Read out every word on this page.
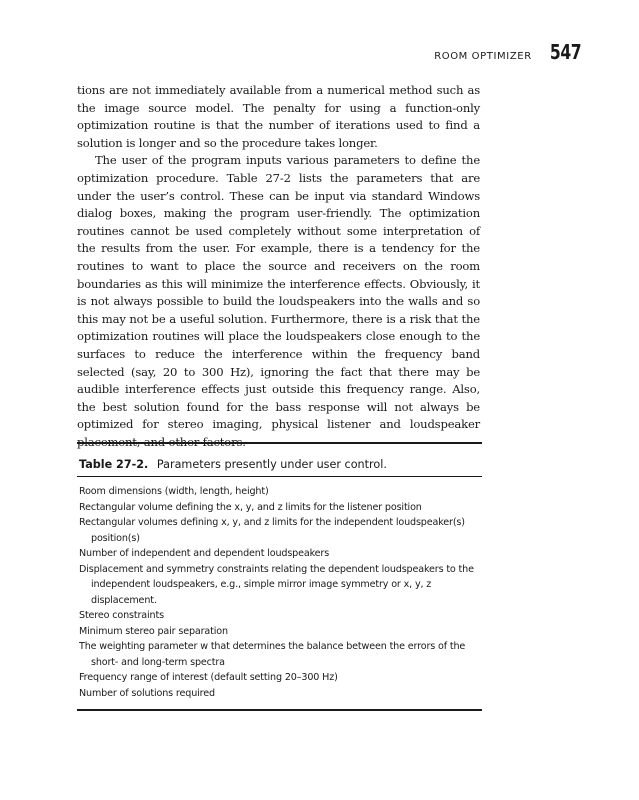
ROOM OPTIMIZER 547

tions are not immediately available from a numerical method such as the image source model. The penalty for using a function-only optimization routine is that the number of iterations used to find a solution is longer and so the procedure takes longer.

The user of the program inputs various parameters to define the optimization procedure. Table 27-2 lists the parameters that are under the user’s control. These can be input via standard Windows dialog boxes, making the program user-friendly. The optimization routines cannot be used completely without some interpretation of the results from the user. For example, there is a tendency for the routines to want to place the source and receivers on the room boundaries as this will minimize the interference effects. Obviously, it is not always possible to build the loudspeakers into the walls and so this may not be a useful solution. Furthermore, there is a risk that the optimization routines will place the loudspeakers close enough to the surfaces to reduce the interference within the frequency band selected (say, 20 to 300 Hz), ignoring the fact that there may be audible interference effects just outside this frequency range. Also, the best solution found for the bass response will not always be optimized for stereo imaging, physical listener and loudspeaker placement, and other factors.

Table 27-2. Parameters presently under user control.
Room dimensions (width, length, height)
Rectangular volume defining the x, y, and z limits for the listener position
Rectangular volumes defining x, y, and z limits for the independent loudspeaker(s) position(s)
Number of independent and dependent loudspeakers
Displacement and symmetry constraints relating the dependent loudspeakers to the independent loudspeakers, e.g., simple mirror image symmetry or x, y, z displacement.
Stereo constraints
Minimum stereo pair separation
The weighting parameter w that determines the balance between the errors of the short- and long-term spectra
Frequency range of interest (default setting 20–300 Hz)
Number of solutions required
